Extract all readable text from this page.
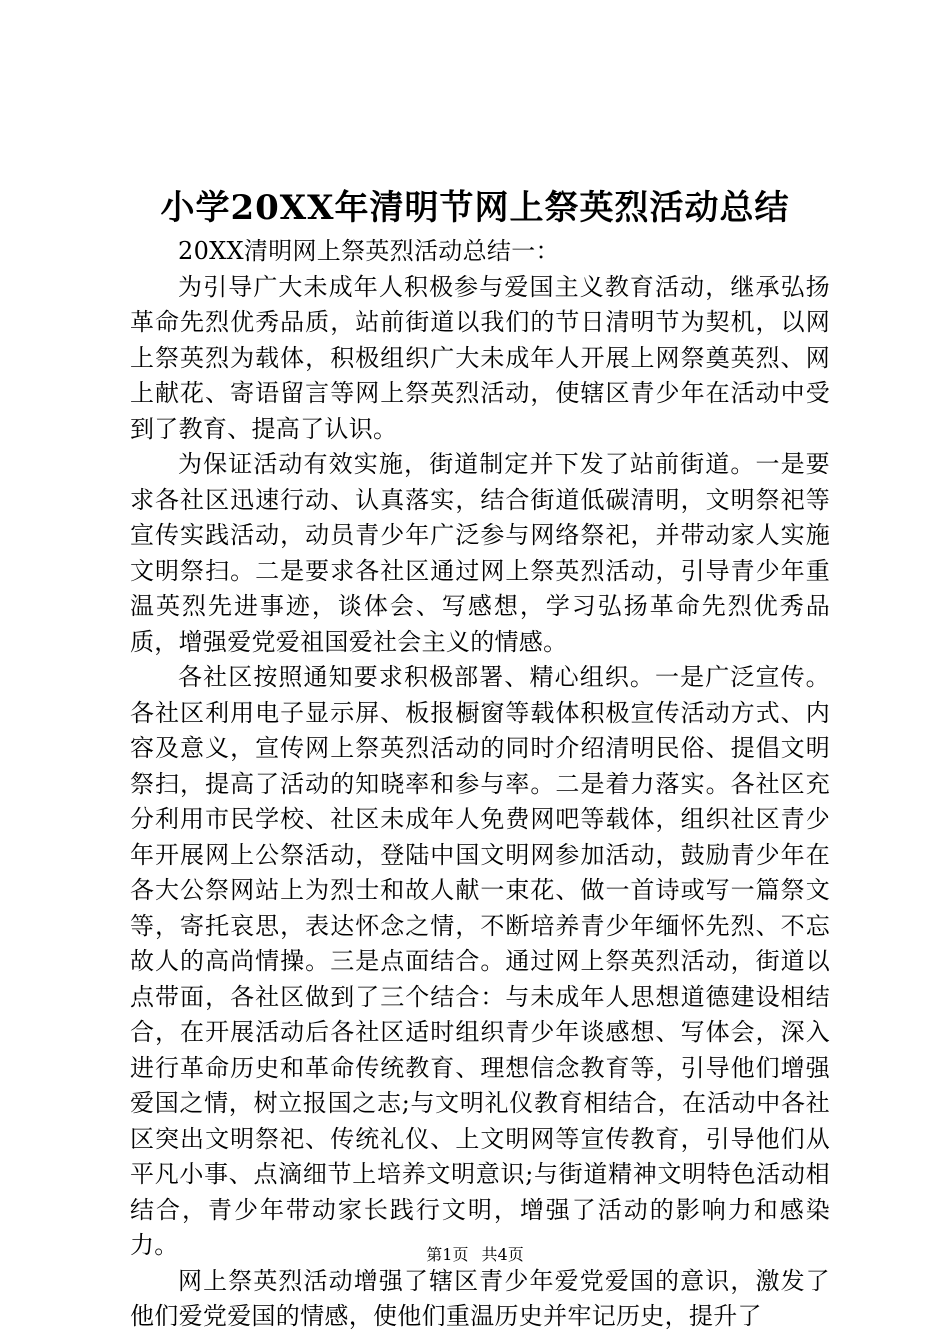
小学20XX年清明节网上祭英烈活动总结

20XX清明网上祭英烈活动总结一：

为引导广大未成年人积极参与爱国主义教育活动，继承弘扬革命先烈优秀品质，站前街道以我们的节日清明节为契机，以网上祭英烈为载体，积极组织广大未成年人开展上网祭奠英烈、网上献花、寄语留言等网上祭英烈活动，使辖区青少年在活动中受到了教育、提高了认识。

为保证活动有效实施，街道制定并下发了站前街道。一是要求各社区迅速行动、认真落实，结合街道低碳清明，文明祭祀等宣传实践活动，动员青少年广泛参与网络祭祀，并带动家人实施文明祭扫。二是要求各社区通过网上祭英烈活动，引导青少年重温英烈先进事迹，谈体会、写感想，学习弘扬革命先烈优秀品质，增强爱党爱祖国爱社会主义的情感。

各社区按照通知要求积极部署、精心组织。一是广泛宣传。各社区利用电子显示屏、板报橱窗等载体积极宣传活动方式、内容及意义，宣传网上祭英烈活动的同时介绍清明民俗、提倡文明祭扫，提高了活动的知晓率和参与率。二是着力落实。各社区充分利用市民学校、社区未成年人免费网吧等载体，组织社区青少年开展网上公祭活动，登陆中国文明网参加活动，鼓励青少年在各大公祭网站上为烈士和故人献一束花、做一首诗或写一篇祭文等，寄托哀思，表达怀念之情，不断培养青少年缅怀先烈、不忘故人的高尚情操。三是点面结合。通过网上祭英烈活动，街道以点带面，各社区做到了三个结合：与未成年人思想道德建设相结合，在开展活动后各社区适时组织青少年谈感想、写体会，深入进行革命历史和革命传统教育、理想信念教育等，引导他们增强爱国之情，树立报国之志;与文明礼仪教育相结合，在活动中各社区突出文明祭祀、传统礼仪、上文明网等宣传教育，引导他们从平凡小事、点滴细节上培养文明意识;与街道精神文明特色活动相结合，青少年带动家长践行文明，增强了活动的影响力和感染力。

网上祭英烈活动增强了辖区青少年爱党爱国的意识，激发了他们爱党爱国的情感，使他们重温历史并牢记历史，提升了

第1页 共4页
